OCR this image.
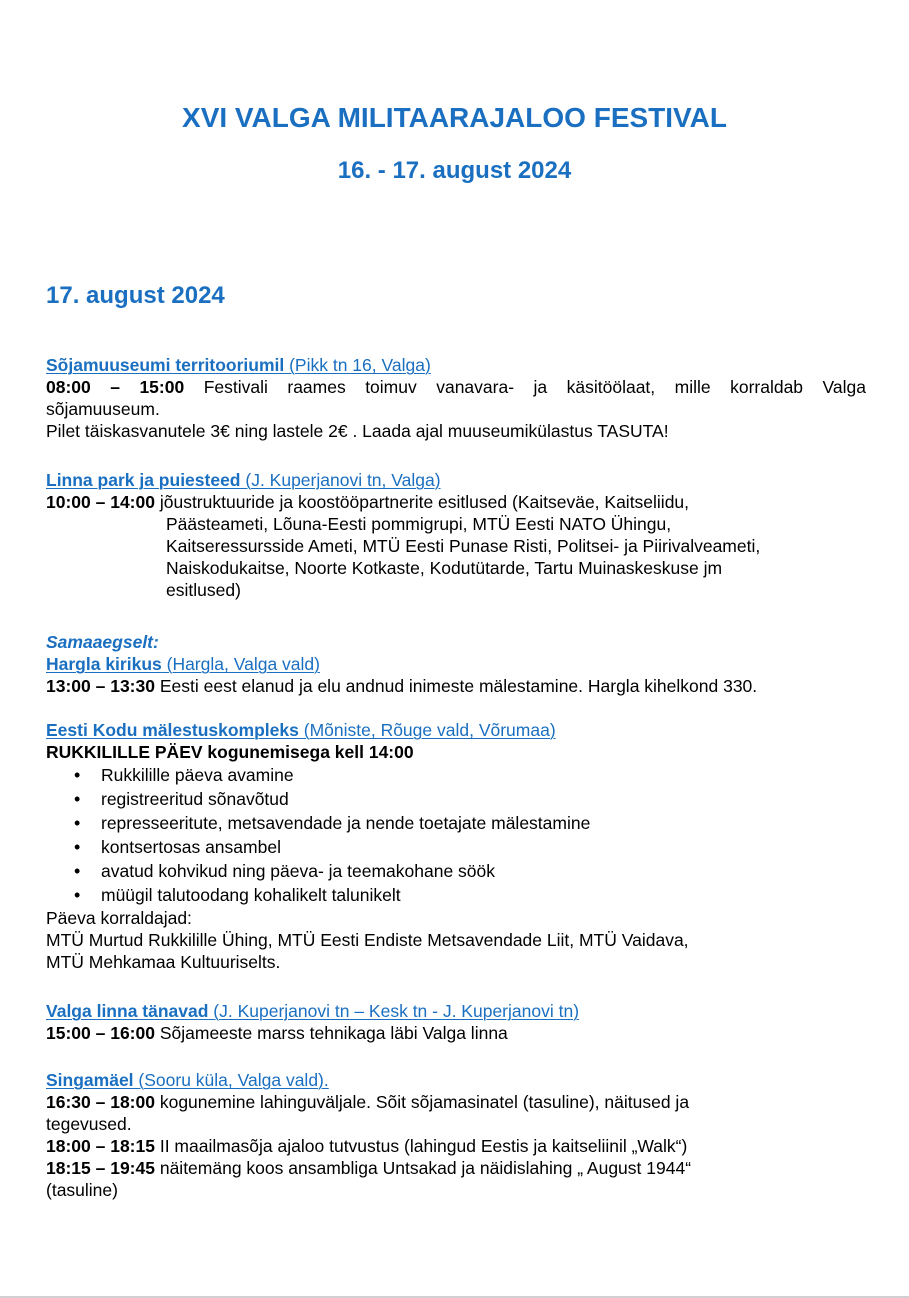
XVI VALGA MILITAARAJALOO FESTIVAL
16. - 17. august 2024
17. august 2024
Sõjamuuseumi territooriumil (Pikk tn 16, Valga)
08:00 – 15:00 Festivali raames toimuv vanavara- ja käsitöölaat, mille korraldab Valga
sõjamuuseum.
Pilet täiskasvanutele 3€ ning lastele 2€ . Laada ajal muuseumikülastus TASUTA!
Linna park ja puiesteed (J. Kuperjanovi tn, Valga)
10:00 – 14:00 jõustruktuuride ja koostööpartnerite esitlused (Kaitseväe, Kaitseliidu,
Päästeameti, Lõuna-Eesti pommigrupi, MTÜ Eesti NATO Ühingu,
Kaitseressursside Ameti, MTÜ Eesti Punase Risti, Politsei- ja Piirivalveameti,
Naiskodukaitse, Noorte Kotkaste, Kodutütarde, Tartu Muinaskeskuse jm
esitlused)
Samaaegselt:
Hargla kirikus (Hargla, Valga vald)
13:00 – 13:30 Eesti eest elanud ja elu andnud inimeste mälestamine. Hargla kihelkond 330.
Eesti Kodu mälestuskompleks (Mõniste, Rõuge vald, Võrumaa)
RUKKILILLE PÄEV kogunemisega kell 14:00
• Rukkilille päeva avamine
• registreeritud sõnavõtud
• represseeritute, metsavendade ja nende toetajate mälestamine
• kontsertosas ansambel
• avatud kohvikud ning päeva- ja teemakohane söök
• müügil talutoodang kohalikelt talunikelt
Päeva korraldajad:
MTÜ Murtud Rukkilille Ühing, MTÜ Eesti Endiste Metsavendade Liit, MTÜ Vaidava,
MTÜ Mehkamaa Kultuuriselts.
Valga linna tänavad (J. Kuperjanovi tn – Kesk tn - J. Kuperjanovi tn)
15:00 – 16:00 Sõjameeste marss tehnikaga läbi Valga linna
Singamäel (Sooru küla, Valga vald).
16:30 – 18:00 kogunemine lahinguväljale. Sõit sõjamasinatel (tasuline), näitused ja
tegevused.
18:00 – 18:15 II maailmasõja ajaloo tutvustus (lahingud Eestis ja kaitseliinil „Walk“)
18:15 – 19:45 näitemäng koos ansambliga Untsakad ja näidislahing „ August 1944“
(tasuline)
